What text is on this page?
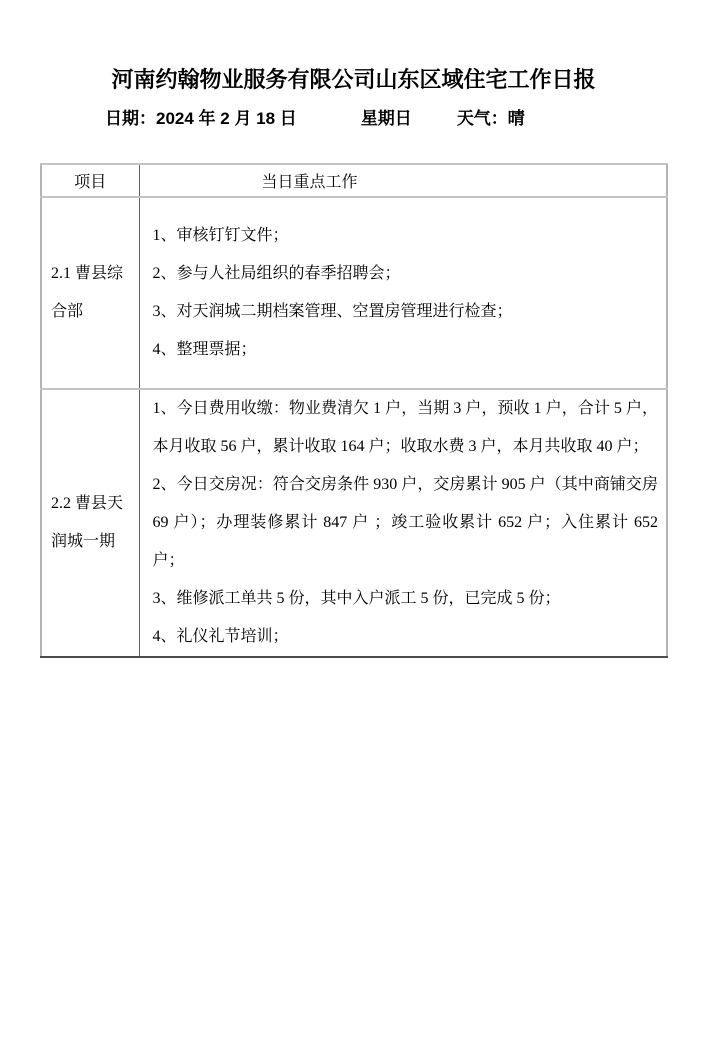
河南约翰物业服务有限公司山东区域住宅工作日报
日期：2024 年 2 月 18 日	星期日	天气：晴
项目	当日重点工作
2.1 曹县综合部	1、审核钉钉文件；

2、参与人社局组织的春季招聘会；

3、对天润城二期档案管理、空置房管理进行检查；

4、整理票据；

2.2 曹县天润城一期	1、今日费用收缴：物业费清欠 1 户，当期 3 户，预收 1 户，合计 5 户，本月收取 56 户，累计收取 164 户；收取水费 3 户，本月共收取 40 户；

2、今日交房况：符合交房条件 930 户，交房累计 905 户（其中商铺交房 69 户）；办理装修累计 847 户 ；竣工验收累计 652 户；入住累计 652 户；

3、维修派工单共 5 份，其中入户派工 5 份，已完成 5 份；

4、礼仪礼节培训；
